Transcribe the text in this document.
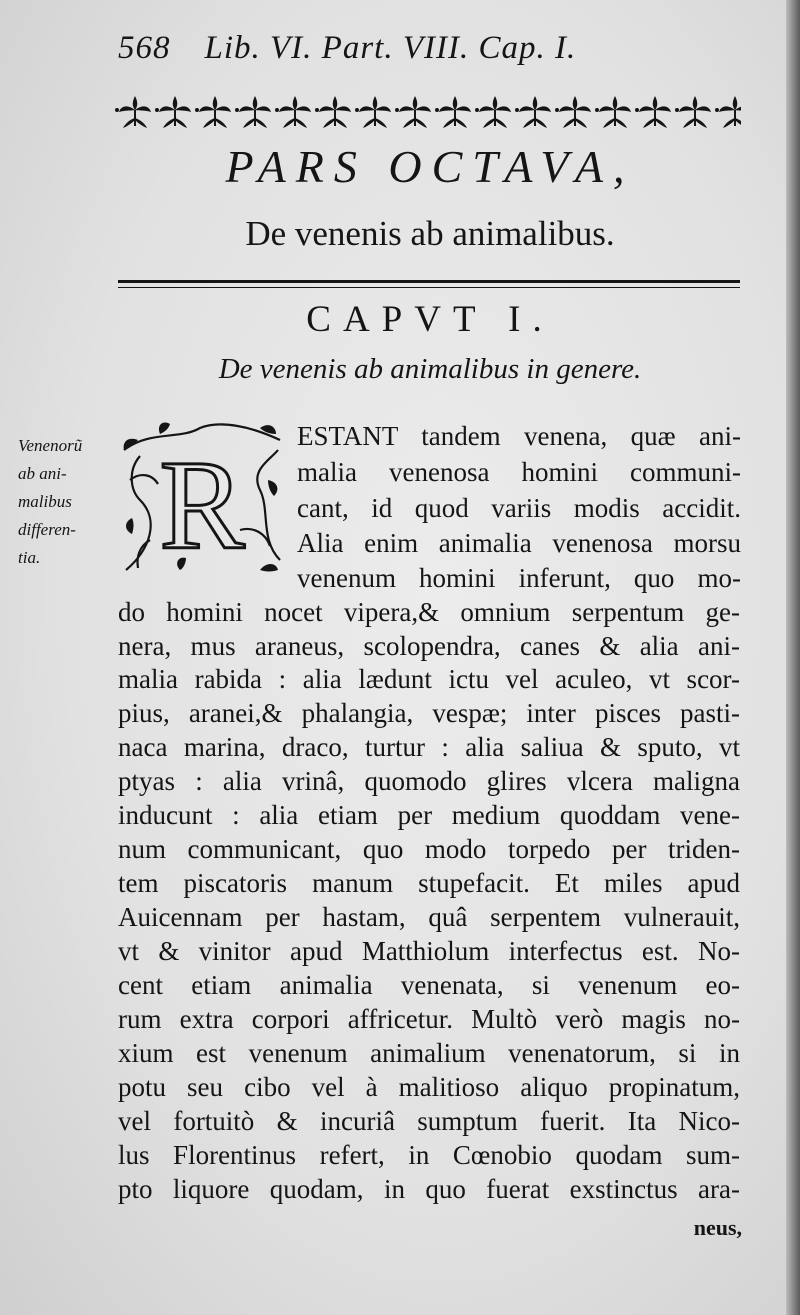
568 Lib. VI. Part. VIII. Cap. I.
PARS OCTAVA,
De venenis ab animalibus.
CAPVT I.
De venenis ab animalibus in genere.
Venenorũ
ab ani-
malibus
differen-
tia. R ESTANT tandem venena, quæ ani-
malia venenosa homini communi-
cant, id quod variis modis accidit.
Alia enim animalia venenosa morsu
venenum homini inferunt, quo mo-
do homini nocet vipera,& omnium serpentum ge-
nera, mus araneus, scolopendra, canes & alia ani-
malia rabida : alia lædunt ictu vel aculeo, vt scor-
pius, aranei,& phalangia, vespæ; inter pisces pasti-
naca marina, draco, turtur : alia saliua & sputo, vt
ptyas : alia vrinâ, quomodo glires vlcera maligna
inducunt : alia etiam per medium quoddam vene-
num communicant, quo modo torpedo per triden-
tem piscatoris manum stupefacit. Et miles apud
Auicennam per hastam, quâ serpentem vulnerauit,
vt & vinitor apud Matthiolum interfectus est. No-
cent etiam animalia venenata, si venenum eo-
rum extra corpori affricetur. Multò verò magis no-
xium est venenum animalium venenatorum, si in
potu seu cibo vel à malitioso aliquo propinatum,
vel fortuitò & incuriâ sumptum fuerit. Ita Nico-
lus Florentinus refert, in Cœnobio quodam sum-
pto liquore quodam, in quo fuerat exstinctus ara-
neus,
